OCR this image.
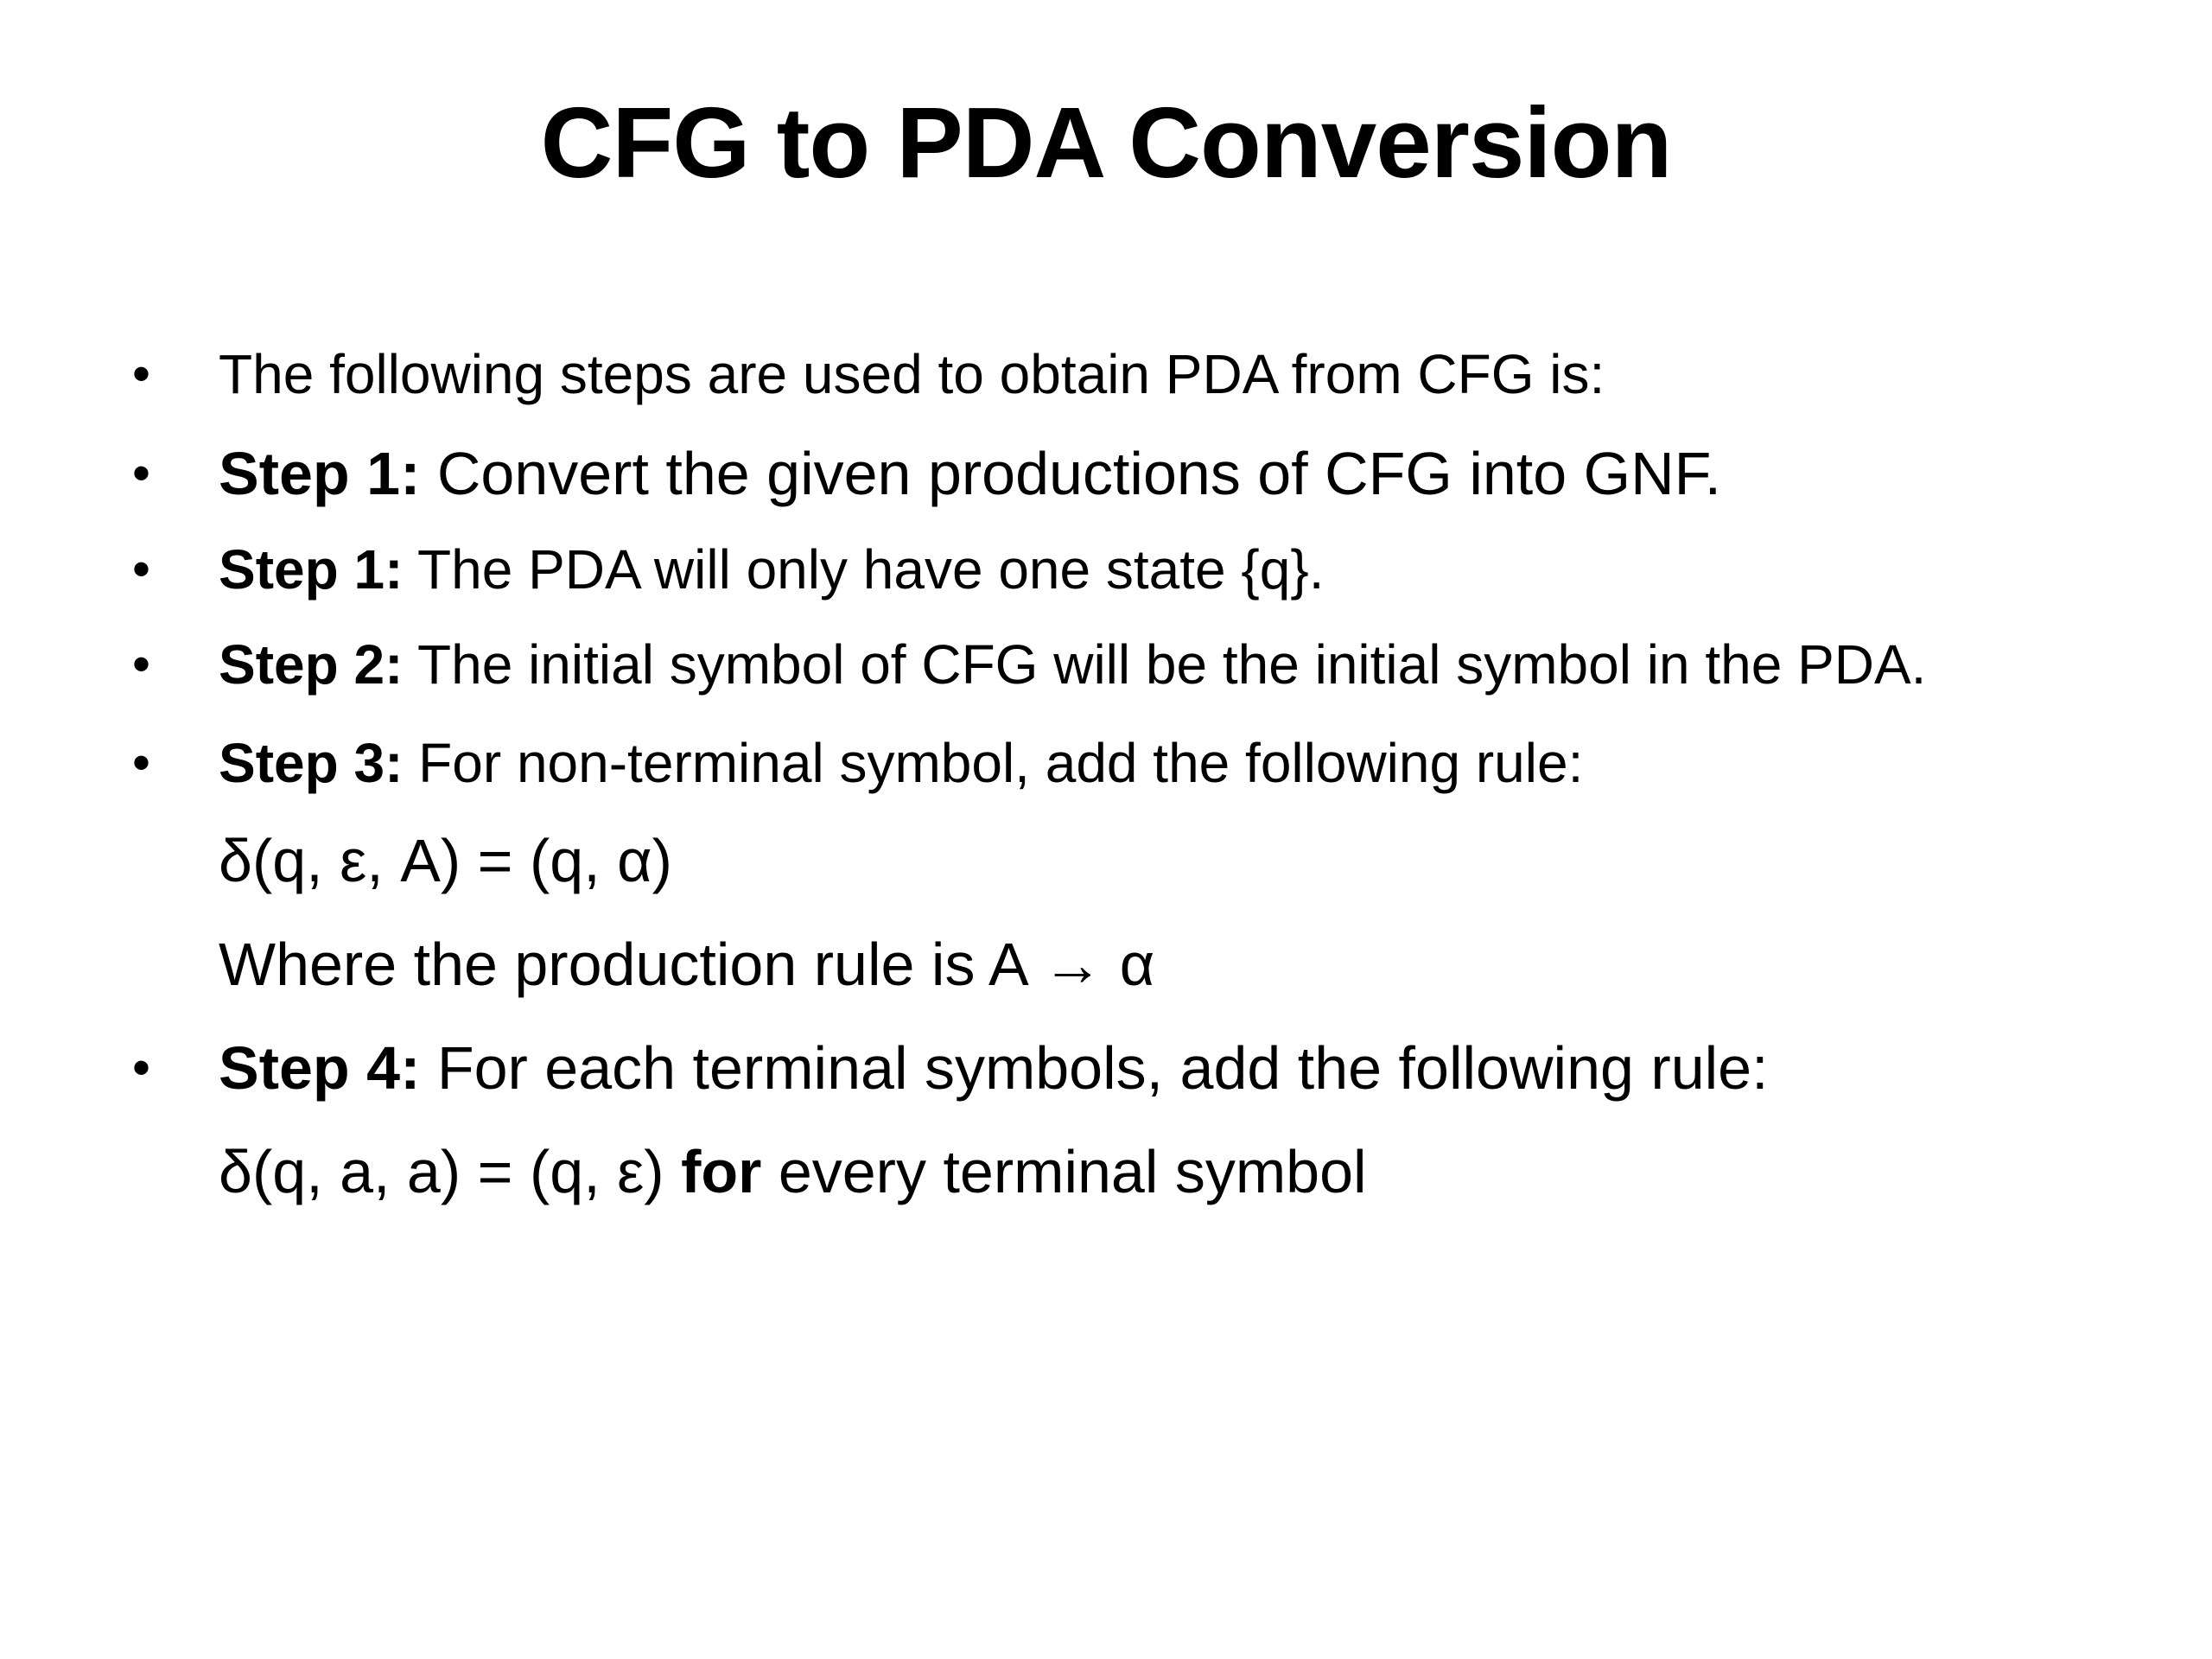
CFG to PDA Conversion
• The following steps are used to obtain PDA from CFG is:
• Step 1: Convert the given productions of CFG into GNF.
• Step 1: The PDA will only have one state {q}.
• Step 2: The initial symbol of CFG will be the initial symbol in the PDA.
• Step 3: For non-terminal symbol, add the following rule:
δ(q, ε, A) = (q, α)
Where the production rule is A → α
• Step 4: For each terminal symbols, add the following rule:
δ(q, a, a) = (q, ε) for every terminal symbol
